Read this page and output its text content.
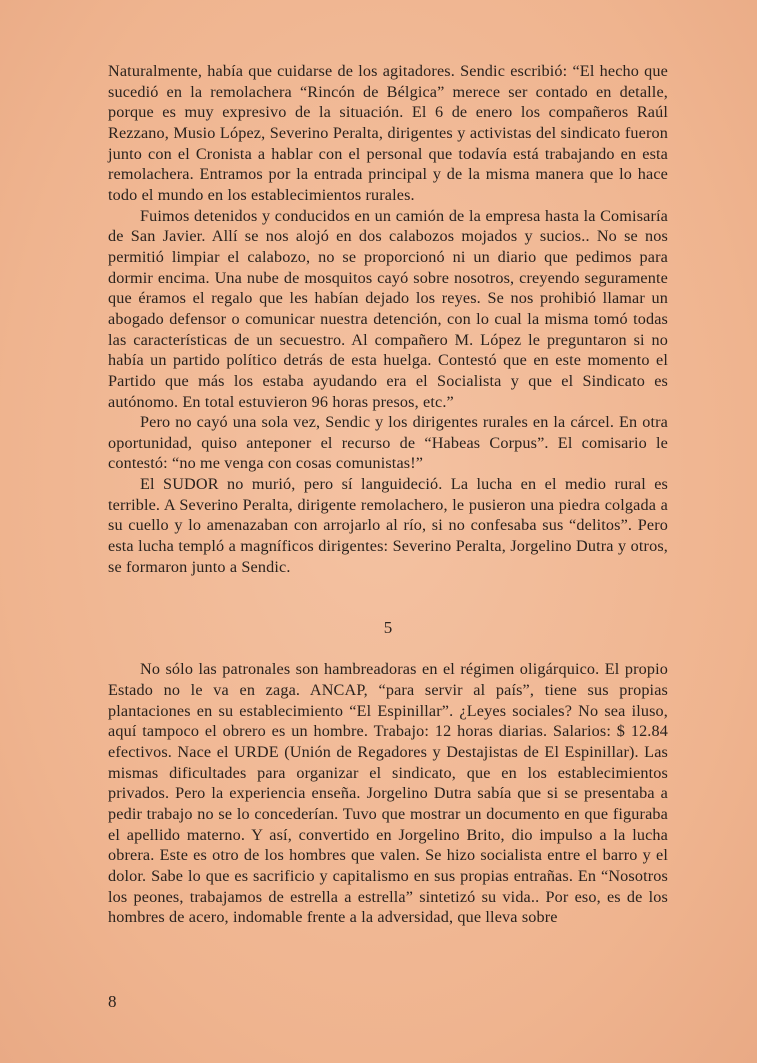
Naturalmente, había que cuidarse de los agitadores. Sendic escribió: “El hecho que sucedió en la remolachera “Rincón de Bélgica” merece ser contado en detalle, porque es muy expresivo de la situación. El 6 de enero los compañeros Raúl Rezzano, Musio López, Severino Peralta, dirigentes y activistas del sindicato fueron junto con el Cronista a hablar con el personal que todavía está trabajando en esta remolachera. Entramos por la entrada principal y de la misma manera que lo hace todo el mundo en los establecimientos rurales.

Fuimos detenidos y conducidos en un camión de la empresa hasta la Comisaría de San Javier. Allí se nos alojó en dos calabozos mojados y sucios.. No se nos permitió limpiar el calabozo, no se proporcionó ni un diario que pedimos para dormir encima. Una nube de mosquitos cayó sobre nosotros, creyendo seguramente que éramos el regalo que les habían dejado los reyes. Se nos prohibió llamar un abogado defensor o comunicar nuestra detención, con lo cual la misma tomó todas las características de un secuestro. Al compañero M. López le preguntaron si no había un partido político detrás de esta huelga. Contestó que en este momento el Partido que más los estaba ayudando era el Socialista y que el Sindicato es autónomo. En total estuvieron 96 horas presos, etc.”

Pero no cayó una sola vez, Sendic y los dirigentes rurales en la cárcel. En otra oportunidad, quiso anteponer el recurso de “Habeas Corpus”. El comisario le contestó: “no me venga con cosas comunistas!”

El SUDOR no murió, pero sí languideció. La lucha en el medio rural es terrible. A Severino Peralta, dirigente remolachero, le pusieron una piedra colgada a su cuello y lo amenazaban con arrojarlo al río, si no confesaba sus “delitos”. Pero esta lucha templó a magníficos dirigentes: Severino Peralta, Jorgelino Dutra y otros, se formaron junto a Sendic.

5

No sólo las patronales son hambreadoras en el régimen oligárquico. El propio Estado no le va en zaga. ANCAP, “para servir al país”, tiene sus propias plantaciones en su establecimiento “El Espinillar”. ¿Leyes sociales? No sea iluso, aquí tampoco el obrero es un hombre. Trabajo: 12 horas diarias. Salarios: $ 12.84 efectivos. Nace el URDE (Unión de Regadores y Destajistas de El Espinillar). Las mismas dificultades para organizar el sindicato, que en los establecimientos privados. Pero la experiencia enseña. Jorgelino Dutra sabía que si se presentaba a pedir trabajo no se lo concederían. Tuvo que mostrar un documento en que figuraba el apellido materno. Y así, convertido en Jorgelino Brito, dio impulso a la lucha obrera. Este es otro de los hombres que valen. Se hizo socialista entre el barro y el dolor. Sabe lo que es sacrificio y capitalismo en sus propias entrañas. En “Nosotros los peones, trabajamos de estrella a estrella” sintetizó su vida.. Por eso, es de los hombres de acero, indomable frente a la adversidad, que lleva sobre

8
